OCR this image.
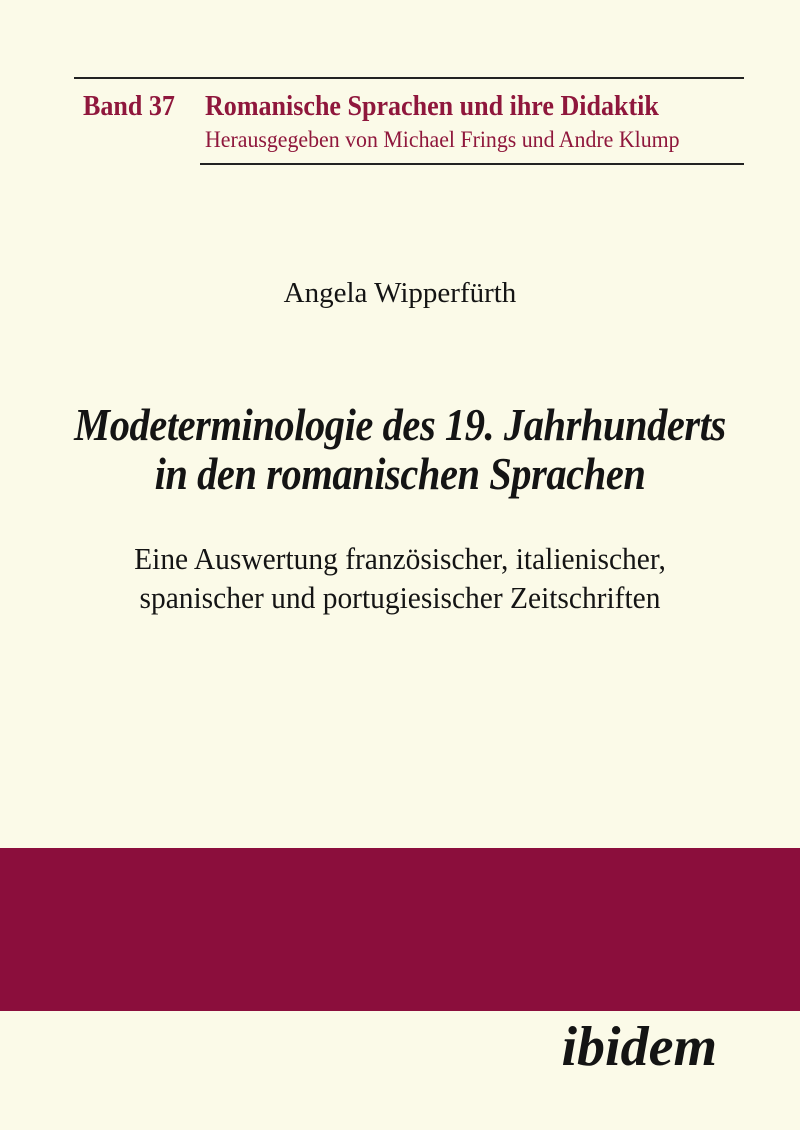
Band 37 Romanische Sprachen und ihre Didaktik
Herausgegeben von Michael Frings und Andre Klump
Angela Wipperfürth
Modeterminologie des 19. Jahrhunderts
in den romanischen Sprachen
Eine Auswertung französischer, italienischer,
spanischer und portugiesischer Zeitschriften
ibidem
